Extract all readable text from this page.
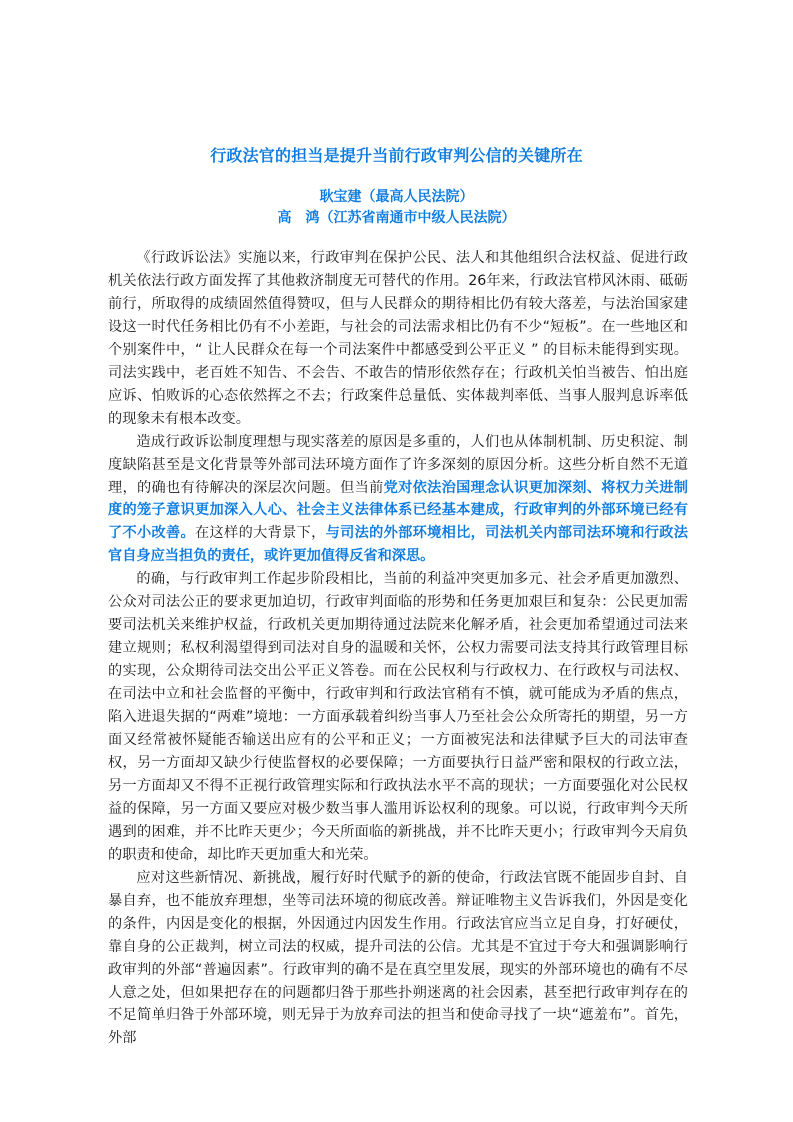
行政法官的担当是提升当前行政审判公信的关键所在
耿宝建（最高人民法院）
高　鸿（江苏省南通市中级人民法院）

《行政诉讼法》实施以来，行政审判在保护公民、法人和其他组织合法权益、促进行政机关依法行政方面发挥了其他救济制度无可替代的作用。26年来，行政法官栉风沐雨、砥砺前行，所取得的成绩固然值得赞叹，但与人民群众的期待相比仍有较大落差，与法治国家建设这一时代任务相比仍有不小差距，与社会的司法需求相比仍有不少“短板”。在一些地区和个别案件中，“ 让人民群众在每一个司法案件中都感受到公平正义 ” 的目标未能得到实现。司法实践中，老百姓不知告、不会告、不敢告的情形依然存在；行政机关怕当被告、怕出庭应诉、怕败诉的心态依然挥之不去；行政案件总量低、实体裁判率低、当事人服判息诉率低的现象未有根本改变。

造成行政诉讼制度理想与现实落差的原因是多重的，人们也从体制机制、历史积淀、制度缺陷甚至是文化背景等外部司法环境方面作了许多深刻的原因分析。这些分析自然不无道理，的确也有待解决的深层次问题。但当前党对依法治国理念认识更加深刻、将权力关进制度的笼子意识更加深入人心、社会主义法律体系已经基本建成，行政审判的外部环境已经有了不小改善。在这样的大背景下，与司法的外部环境相比，司法机关内部司法环境和行政法官自身应当担负的责任，或许更加值得反省和深思。

的确，与行政审判工作起步阶段相比，当前的利益冲突更加多元、社会矛盾更加激烈、公众对司法公正的要求更加迫切，行政审判面临的形势和任务更加艰巨和复杂：公民更加需要司法机关来维护权益，行政机关更加期待通过法院来化解矛盾，社会更加希望通过司法来建立规则；私权利渴望得到司法对自身的温暖和关怀，公权力需要司法支持其行政管理目标的实现，公众期待司法交出公平正义答卷。而在公民权利与行政权力、在行政权与司法权、在司法中立和社会监督的平衡中，行政审判和行政法官稍有不慎，就可能成为矛盾的焦点，陷入进退失据的“两难”境地：一方面承载着纠纷当事人乃至社会公众所寄托的期望，另一方面又经常被怀疑能否输送出应有的公平和正义；一方面被宪法和法律赋予巨大的司法审查权，另一方面却又缺少行使监督权的必要保障；一方面要执行日益严密和限权的行政立法，另一方面却又不得不正视行政管理实际和行政执法水平不高的现状；一方面要强化对公民权益的保障，另一方面又要应对极少数当事人滥用诉讼权利的现象。可以说，行政审判今天所遇到的困难，并不比昨天更少；今天所面临的新挑战，并不比昨天更小；行政审判今天肩负的职责和使命，却比昨天更加重大和光荣。

应对这些新情况、新挑战，履行好时代赋予的新的使命，行政法官既不能固步自封、自暴自弃，也不能放弃理想，坐等司法环境的彻底改善。辩证唯物主义告诉我们，外因是变化的条件，内因是变化的根据，外因通过内因发生作用。行政法官应当立足自身，打好硬仗，靠自身的公正裁判，树立司法的权威，提升司法的公信。尤其是不宜过于夸大和强调影响行政审判的外部“普遍因素”。行政审判的确不是在真空里发展，现实的外部环境也的确有不尽人意之处，但如果把存在的问题都归咎于那些扑朔迷离的社会因素，甚至把行政审判存在的不足简单归咎于外部环境，则无异于为放弃司法的担当和使命寻找了一块“遮羞布”。首先，外部
